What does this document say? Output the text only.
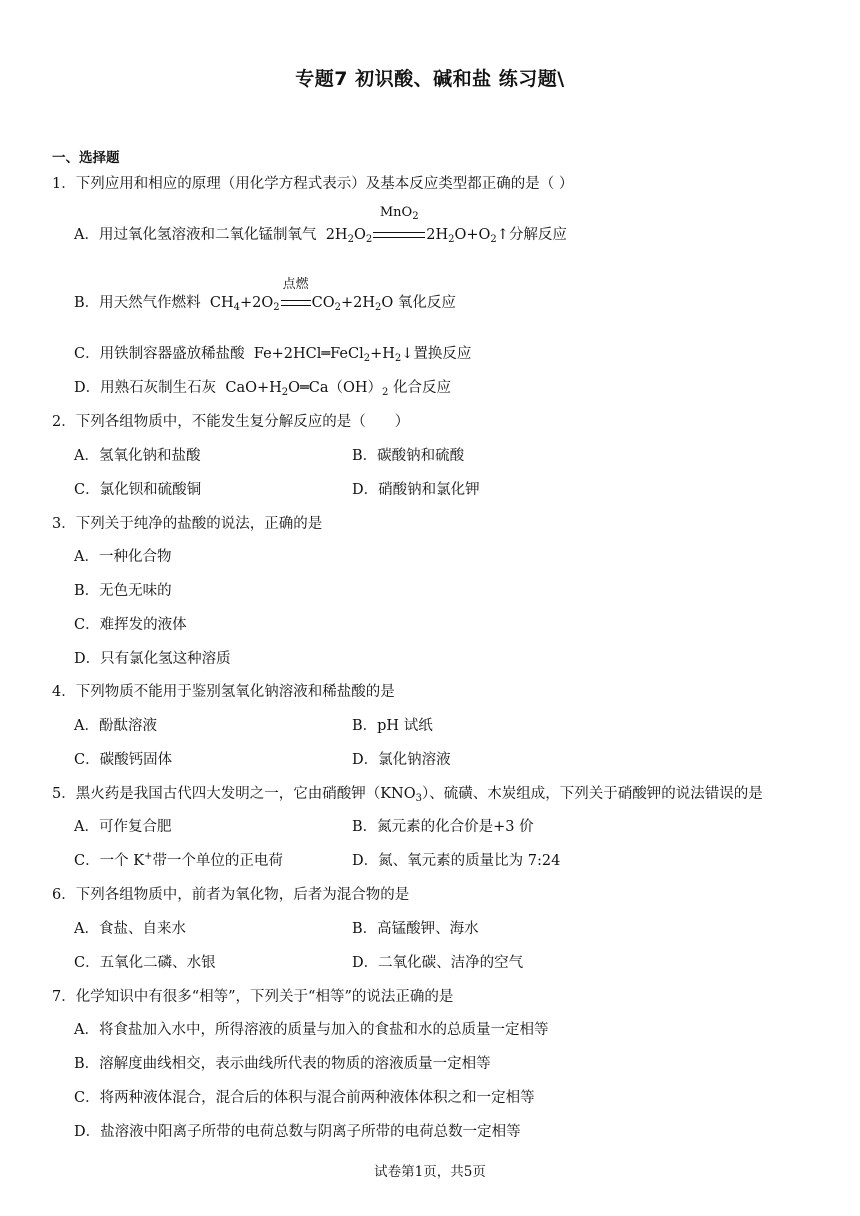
专题7 初识酸、碱和盐 练习题\
一、选择题
1．下列应用和相应的原理（用化学方程式表示）及基本反应类型都正确的是（ ）
A．用过氧化氢溶液和二氧化锰制氧气  $2H_2O_2$
MnO$_2$
$2H_2O+O_2↑$分解反应
B．用天然气作燃料  $CH_4+2O_2$
点燃
$CO_2+2H_2O$ 氧化反应
C．用铁制容器盛放稀盐酸  $Fe+2HCl═FeCl_2+H_2↓$置换反应
D．用熟石灰制生石灰  $CaO+H_2O═Ca(OH)_2$ 化合反应
2．下列各组物质中，不能发生复分解反应的是（　　）
A．氢氧化钠和盐酸	B．碳酸钠和硫酸
C．氯化钡和硫酸铜	D．硝酸钠和氯化钾
3．下列关于纯净的盐酸的说法，正确的是
A．一种化合物
B．无色无味的
C．难挥发的液体
D．只有氯化氢这种溶质
4．下列物质不能用于鉴别氢氧化钠溶液和稀盐酸的是
A．酚酞溶液	B．pH 试纸
C．碳酸钙固体	D．氯化钠溶液
5．黑火药是我国古代四大发明之一，它由硝酸钾$(KNO_3)$、硫磺、木炭组成，下列关于硝酸钾的说法错误的是
A．可作复合肥	B．氮元素的化合价是+3 价
C．一个 K+带一个单位的正电荷	D．氮、氧元素的质量比为 7:24
6．下列各组物质中，前者为氧化物，后者为混合物的是
A．食盐、自来水	B．高锰酸钾、海水
C．五氧化二磷、水银	D．二氧化碳、洁净的空气
7．化学知识中有很多“相等”，下列关于“相等”的说法正确的是
A．将食盐加入水中，所得溶液的质量与加入的食盐和水的总质量一定相等
B．溶解度曲线相交，表示曲线所代表的物质的溶液质量一定相等
C．将两种液体混合，混合后的体积与混合前两种液体体积之和一定相等
D．盐溶液中阳离子所带的电荷总数与阴离子所带的电荷总数一定相等
试卷第1页，共5页
